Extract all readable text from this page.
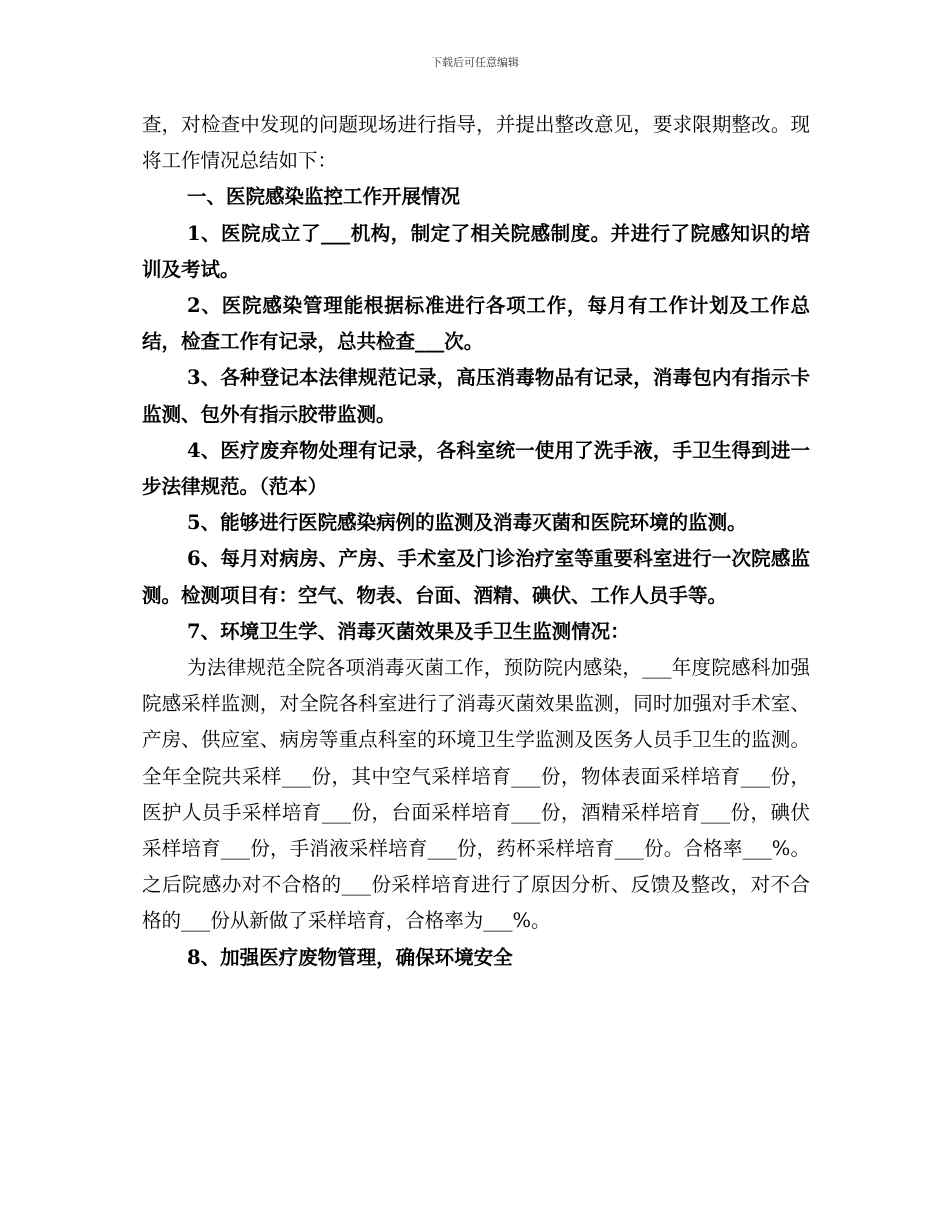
下载后可任意编辑

查，对检查中发现的问题现场进行指导，并提出整改意见，要求限期整改。现将工作情况总结如下：

一、医院感染监控工作开展情况

1、医院成立了___机构，制定了相关院感制度。并进行了院感知识的培训及考试。

2、医院感染管理能根据标准进行各项工作，每月有工作计划及工作总结，检查工作有记录，总共检查___次。

3、各种登记本法律规范记录，高压消毒物品有记录，消毒包内有指示卡监测、包外有指示胶带监测。

4、医疗废弃物处理有记录，各科室统一使用了洗手液，手卫生得到进一步法律规范。（范本）

5、能够进行医院感染病例的监测及消毒灭菌和医院环境的监测。

6、每月对病房、产房、手术室及门诊治疗室等重要科室进行一次院感监测。检测项目有：空气、物表、台面、酒精、碘伏、工作人员手等。

7、环境卫生学、消毒灭菌效果及手卫生监测情况：

为法律规范全院各项消毒灭菌工作，预防院内感染，___年度院感科加强院感采样监测，对全院各科室进行了消毒灭菌效果监测，同时加强对手术室、产房、供应室、病房等重点科室的环境卫生学监测及医务人员手卫生的监测。全年全院共采样___份，其中空气采样培育___份，物体表面采样培育___份，医护人员手采样培育___份，台面采样培育___份，酒精采样培育___份，碘伏采样培育___份，手消液采样培育___份，药杯采样培育___份。合格率___%。之后院感办对不合格的___份采样培育进行了原因分析、反馈及整改，对不合格的___份从新做了采样培育，合格率为___%。

8、加强医疗废物管理，确保环境安全
